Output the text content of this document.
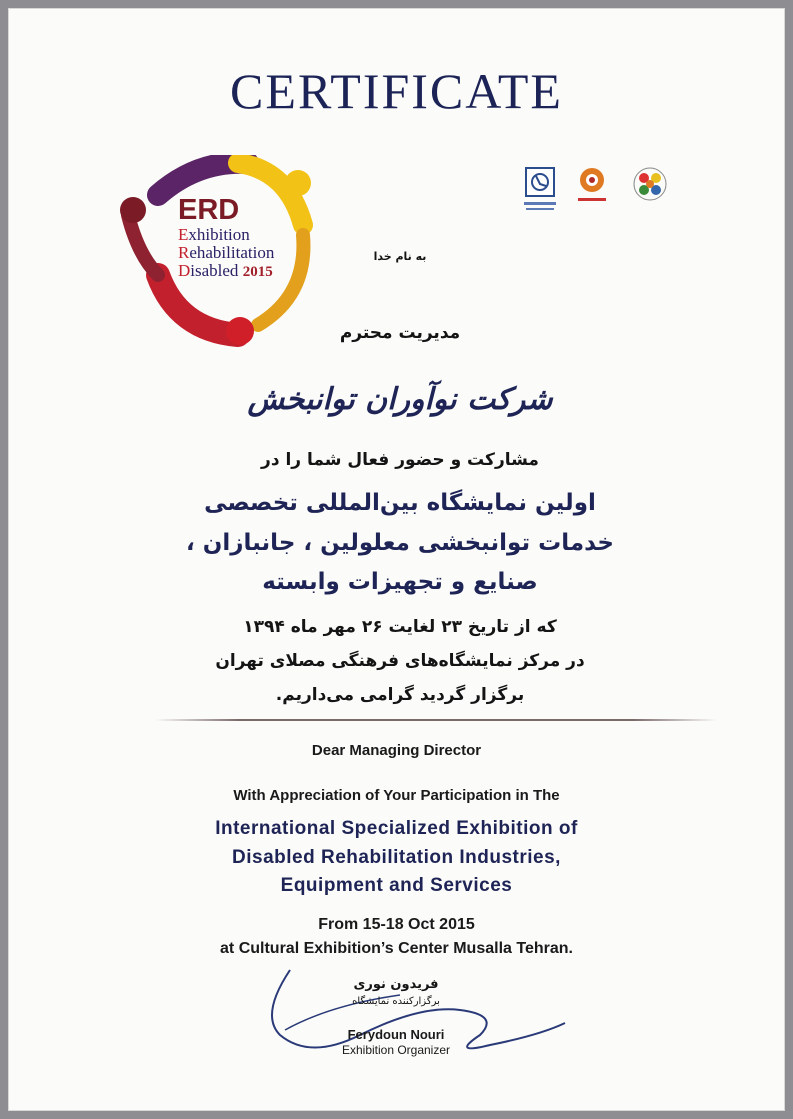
CERTIFICATE
ERD
Exhibition
Rehabilitation
Disabled 2015
به نام خدا
مدیریت محترم
شرکت نوآوران توانبخش
مشارکت و حضور فعال شما را در
اولین نمایشگاه بین‌المللی تخصصی
خدمات توانبخشی معلولین ، جانبازان ،
صنایع و تجهیزات وابسته
که از تاریخ ۲۳ لغایت ۲۶ مهر ماه ۱۳۹۴
در مرکز نمایشگاه‌های فرهنگی مصلای تهران
برگزار گردید گرامی می‌داریم.
Dear Managing Director
With Appreciation of Your Participation in The
International Specialized Exhibition of
Disabled Rehabilitation Industries,
Equipment and Services
From 15-18 Oct 2015
at Cultural Exhibition’s Center Musalla Tehran.
فریدون نوری
برگزارکننده نمایشگاه
Ferydoun Nouri
Exhibition Organizer
